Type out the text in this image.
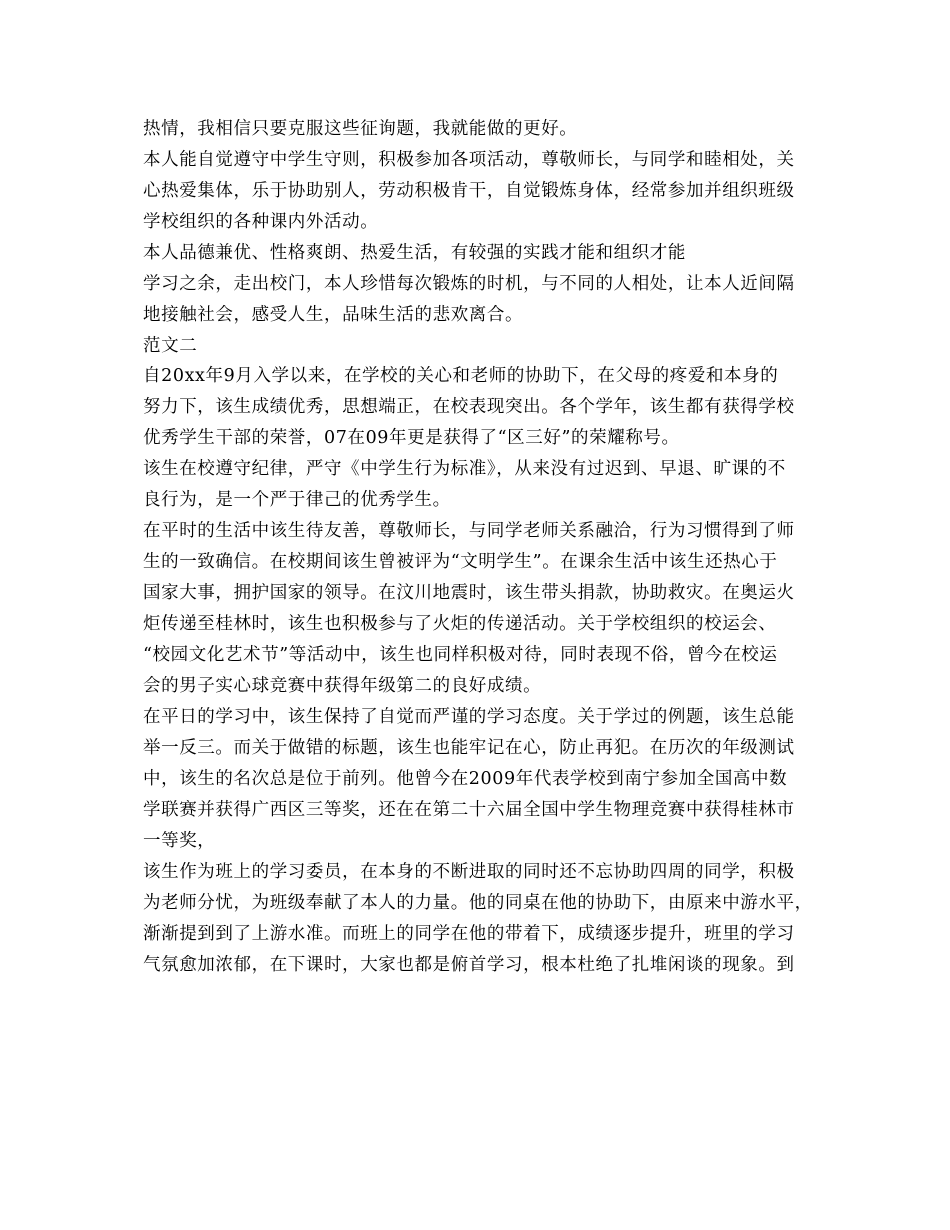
热情，我相信只要克服这些征询题，我就能做的更好。
本人能自觉遵守中学生守则，积极参加各项活动，尊敬师长，与同学和睦相处，关
心热爱集体，乐于协助别人，劳动积极肯干，自觉锻炼身体，经常参加并组织班级
学校组织的各种课内外活动。
本人品德兼优、性格爽朗、热爱生活，有较强的实践才能和组织才能
学习之余，走出校门，本人珍惜每次锻炼的时机，与不同的人相处，让本人近间隔
地接触社会，感受人生，品味生活的悲欢离合。
范文二
自20xx年9月入学以来，在学校的关心和老师的协助下，在父母的疼爱和本身的
努力下，该生成绩优秀，思想端正，在校表现突出。各个学年，该生都有获得学校
优秀学生干部的荣誉，07在09年更是获得了“区三好”的荣耀称号。
该生在校遵守纪律，严守《中学生行为标准》，从来没有过迟到、早退、旷课的不
良行为，是一个严于律己的优秀学生。
在平时的生活中该生待友善，尊敬师长，与同学老师关系融洽，行为习惯得到了师
生的一致确信。在校期间该生曾被评为“文明学生”。在课余生活中该生还热心于
国家大事，拥护国家的领导。在汶川地震时，该生带头捐款，协助救灾。在奥运火
炬传递至桂林时，该生也积极参与了火炬的传递活动。关于学校组织的校运会、
“校园文化艺术节”等活动中，该生也同样积极对待，同时表现不俗，曾今在校运
会的男子实心球竞赛中获得年级第二的良好成绩。
在平日的学习中，该生保持了自觉而严谨的学习态度。关于学过的例题，该生总能
举一反三。而关于做错的标题，该生也能牢记在心，防止再犯。在历次的年级测试
中，该生的名次总是位于前列。他曾今在2009年代表学校到南宁参加全国高中数
学联赛并获得广西区三等奖，还在在第二十六届全国中学生物理竞赛中获得桂林市
一等奖，
该生作为班上的学习委员，在本身的不断进取的同时还不忘协助四周的同学，积极
为老师分忧，为班级奉献了本人的力量。他的同桌在他的协助下，由原来中游水平，
渐渐提到到了上游水准。而班上的同学在他的带着下，成绩逐步提升，班里的学习
气氛愈加浓郁，在下课时，大家也都是俯首学习，根本杜绝了扎堆闲谈的现象。到
